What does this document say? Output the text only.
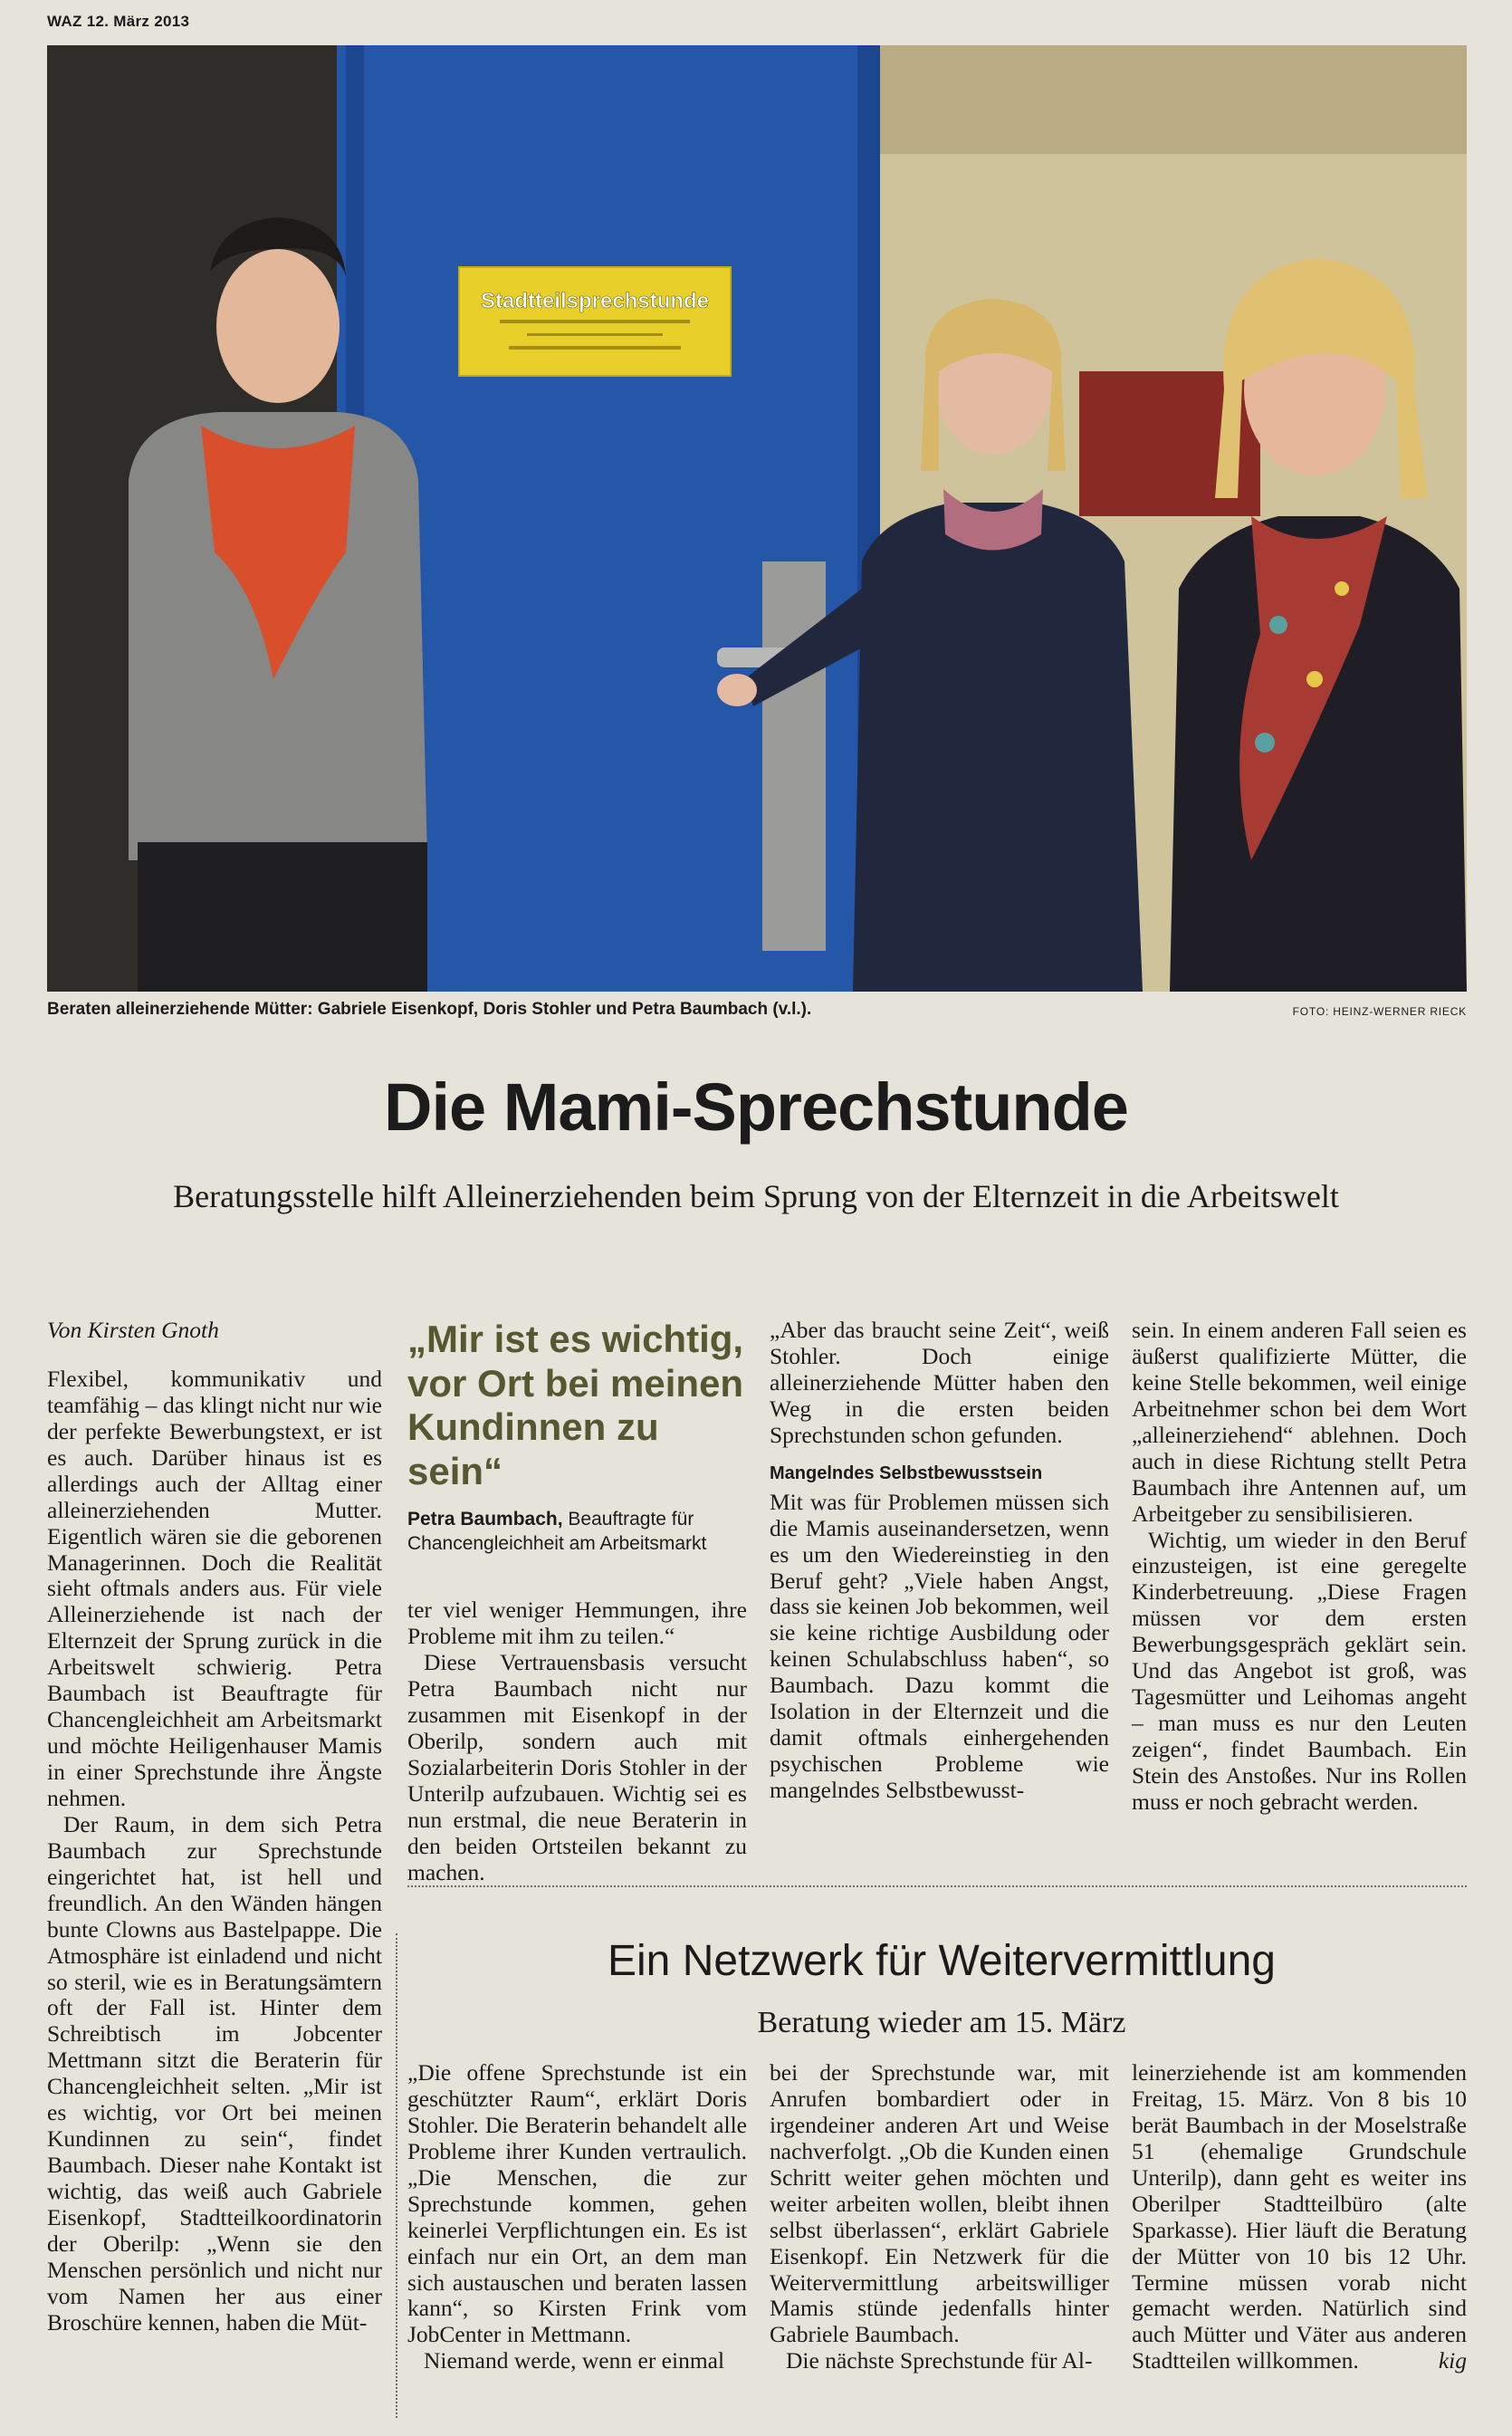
WAZ 12. März 2013
Stadtteilsprechstunde
Beraten alleinerziehende Mütter: Gabriele Eisenkopf, Doris Stohler und Petra Baumbach (v.l.).	FOTO: HEINZ-WERNER RIECK
Die Mami-Sprechstunde
Beratungsstelle hilft Alleinerziehenden beim Sprung von der Elternzeit in die Arbeitswelt
Von Kirsten Gnoth

Flexibel, kommunikativ und teamfähig – das klingt nicht nur wie der perfekte Bewerbungstext, er ist es auch. Darüber hinaus ist es allerdings auch der Alltag einer alleinerziehenden Mutter. Eigentlich wären sie die geborenen Managerinnen. Doch die Realität sieht oftmals anders aus. Für viele Alleinerziehende ist nach der Elternzeit der Sprung zurück in die Arbeitswelt schwierig. Petra Baumbach ist Beauftragte für Chancengleichheit am Arbeitsmarkt und möchte Heiligenhauser Mamis in einer Sprechstunde ihre Ängste nehmen.

Der Raum, in dem sich Petra Baumbach zur Sprechstunde eingerichtet hat, ist hell und freundlich. An den Wänden hängen bunte Clowns aus Bastelpappe. Die Atmosphäre ist einladend und nicht so steril, wie es in Beratungsämtern oft der Fall ist. Hinter dem Schreibtisch im Jobcenter Mettmann sitzt die Beraterin für Chancengleichheit selten. „Mir ist es wichtig, vor Ort bei meinen Kundinnen zu sein“, findet Baumbach. Dieser nahe Kontakt ist wichtig, das weiß auch Gabriele Eisenkopf, Stadtteilkoordinatorin der Oberilp: „Wenn sie den Menschen persönlich und nicht nur vom Namen her aus einer Broschüre kennen, haben die Müt-

„Mir ist es wichtig, vor Ort bei meinen Kundinnen zu sein“
Petra Baumbach, Beauftragte für Chancengleichheit am Arbeitsmarkt

ter viel weniger Hemmungen, ihre Probleme mit ihm zu teilen.“

Diese Vertrauensbasis versucht Petra Baumbach nicht nur zusammen mit Eisenkopf in der Oberilp, sondern auch mit Sozialarbeiterin Doris Stohler in der Unterilp aufzubauen. Wichtig sei es nun erstmal, die neue Beraterin in den beiden Ortsteilen bekannt zu machen.

„Aber das braucht seine Zeit“, weiß Stohler. Doch einige alleinerziehende Mütter haben den Weg in die ersten beiden Sprechstunden schon gefunden.

Mangelndes Selbstbewusstsein

Mit was für Problemen müssen sich die Mamis auseinandersetzen, wenn es um den Wiedereinstieg in den Beruf geht? „Viele haben Angst, dass sie keinen Job bekommen, weil sie keine richtige Ausbildung oder keinen Schulabschluss haben“, so Baumbach. Dazu kommt die Isolation in der Elternzeit und die damit oftmals einhergehenden psychischen Probleme wie mangelndes Selbstbewusst-

sein. In einem anderen Fall seien es äußerst qualifizierte Mütter, die keine Stelle bekommen, weil einige Arbeitnehmer schon bei dem Wort „alleinerziehend“ ablehnen. Doch auch in diese Richtung stellt Petra Baumbach ihre Antennen auf, um Arbeitgeber zu sensibilisieren.

Wichtig, um wieder in den Beruf einzusteigen, ist eine geregelte Kinderbetreuung. „Diese Fragen müssen vor dem ersten Bewerbungsgespräch geklärt sein. Und das Angebot ist groß, was Tagesmütter und Leihomas angeht – man muss es nur den Leuten zeigen“, findet Baumbach. Ein Stein des Anstoßes. Nur ins Rollen muss er noch gebracht werden.

Ein Netzwerk für Weitervermittlung
Beratung wieder am 15. März

„Die offene Sprechstunde ist ein geschützter Raum“, erklärt Doris Stohler. Die Beraterin behandelt alle Probleme ihrer Kunden vertraulich. „Die Menschen, die zur Sprechstunde kommen, gehen keinerlei Verpflichtungen ein. Es ist einfach nur ein Ort, an dem man sich austauschen und beraten lassen kann“, so Kirsten Frink vom JobCenter in Mettmann.

Niemand werde, wenn er einmal

bei der Sprechstunde war, mit Anrufen bombardiert oder in irgendeiner anderen Art und Weise nachverfolgt. „Ob die Kunden einen Schritt weiter gehen möchten und weiter arbeiten wollen, bleibt ihnen selbst überlassen“, erklärt Gabriele Eisenkopf. Ein Netzwerk für die Weitervermittlung arbeitswilliger Mamis stünde jedenfalls hinter Gabriele Baumbach.

Die nächste Sprechstunde für Al-

leinerziehende ist am kommenden Freitag, 15. März. Von 8 bis 10 berät Baumbach in der Moselstraße 51 (ehemalige Grundschule Unterilp), dann geht es weiter ins Oberilper Stadtteilbüro (alte Sparkasse). Hier läuft die Beratung der Mütter von 10 bis 12 Uhr. Termine müssen vorab nicht gemacht werden. Natürlich sind auch Mütter und Väter aus anderen Stadtteilen willkommen.	kig
